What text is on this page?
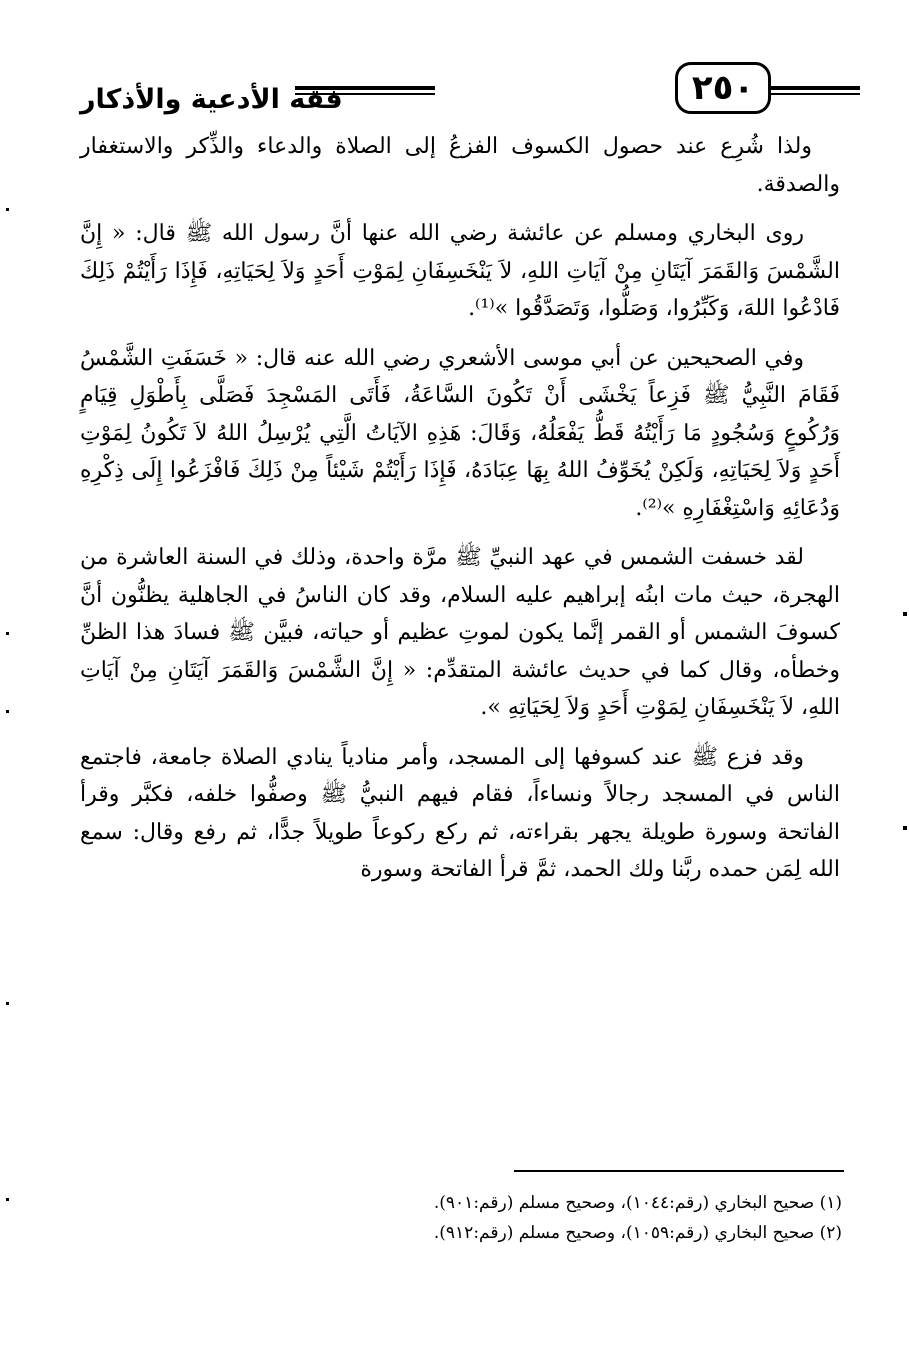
٢٥٠
فقه الأدعية والأذكار

ولذا شُرِع عند حصول الكسوف الفزعُ إلى الصلاة والدعاء والذِّكر والاستغفار والصدقة.

روى البخاري ومسلم عن عائشة رضي الله عنها أنَّ رسول الله ﷺ قال: « إِنَّ الشَّمْسَ وَالقَمَرَ آيَتَانِ مِنْ آيَاتِ اللهِ، لاَ يَنْخَسِفَانِ لِمَوْتِ أَحَدٍ وَلاَ لِحَيَاتِهِ، فَإِذَا رَأَيْتُمْ ذَلِكَ فَادْعُوا اللهَ، وَكَبِّرُوا، وَصَلُّوا، وَتَصَدَّقُوا »⁽¹⁾.

وفي الصحيحين عن أبي موسى الأشعري رضي الله عنه قال: « خَسَفَتِ الشَّمْسُ فَقَامَ النَّبِيُّ ﷺ فَزِعاً يَخْشَى أَنْ تَكُونَ السَّاعَةُ، فَأَتَى المَسْجِدَ فَصَلَّى بِأَطْوَلِ قِيَامٍ وَرُكُوعٍ وَسُجُودٍ مَا رَأَيْتُهُ قَطُّ يَفْعَلُهُ، وَقَالَ: هَذِهِ الآيَاتُ الَّتِي يُرْسِلُ اللهُ لاَ تَكُونُ لِمَوْتِ أَحَدٍ وَلاَ لِحَيَاتِهِ، وَلَكِنْ يُخَوِّفُ اللهُ بِهَا عِبَادَهُ، فَإِذَا رَأَيْتُمْ شَيْئاً مِنْ ذَلِكَ فَافْزَعُوا إِلَى ذِكْرِهِ وَدُعَائِهِ وَاسْتِغْفَارِهِ »⁽²⁾.

لقد خسفت الشمس في عهد النبيِّ ﷺ مرَّة واحدة، وذلك في السنة العاشرة من الهجرة، حيث مات ابنُه إبراهيم عليه السلام، وقد كان الناسُ في الجاهلية يظنُّون أنَّ كسوفَ الشمس أو القمر إنَّما يكون لموتِ عظيم أو حياته، فبيَّن ﷺ فسادَ هذا الظنِّ وخطأه، وقال كما في حديث عائشة المتقدِّم: « إِنَّ الشَّمْسَ وَالقَمَرَ آيَتَانِ مِنْ آيَاتِ اللهِ، لاَ يَنْخَسِفَانِ لِمَوْتِ أَحَدٍ وَلاَ لِحَيَاتِهِ ».

وقد فزع ﷺ عند كسوفها إلى المسجد، وأمر منادياً ينادي الصلاة جامعة، فاجتمع الناس في المسجد رجالاً ونساءاً، فقام فيهم النبيُّ ﷺ وصفُّوا خلفه، فكبَّر وقرأ الفاتحة وسورة طويلة يجهر بقراءته، ثم ركع ركوعاً طويلاً جدًّا، ثم رفع وقال: سمع الله لِمَن حمده ربَّنا ولك الحمد، ثمَّ قرأ الفاتحة وسورة

(١) صحيح البخاري (رقم:١٠٤٤)، وصحيح مسلم (رقم:٩٠١).

(٢) صحيح البخاري (رقم:١٠٥٩)، وصحيح مسلم (رقم:٩١٢).
